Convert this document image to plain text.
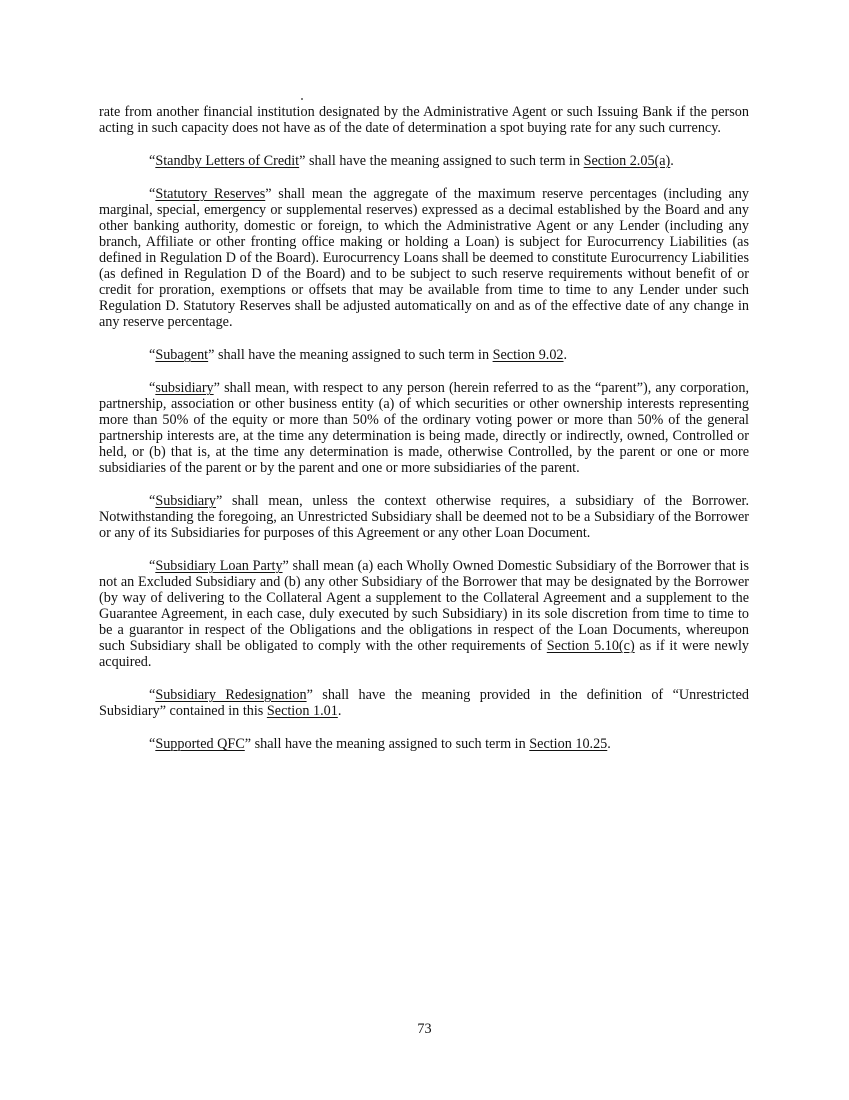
rate from another financial institution designated by the Administrative Agent or such Issuing Bank if the person acting in such capacity does not have as of the date of determination a spot buying rate for any such currency.

“Standby Letters of Credit” shall have the meaning assigned to such term in Section 2.05(a).

“Statutory Reserves” shall mean the aggregate of the maximum reserve percentages (including any marginal, special, emergency or supplemental reserves) expressed as a decimal established by the Board and any other banking authority, domestic or foreign, to which the Administrative Agent or any Lender (including any branch, Affiliate or other fronting office making or holding a Loan) is subject for Eurocurrency Liabilities (as defined in Regulation D of the Board). Eurocurrency Loans shall be deemed to constitute Eurocurrency Liabilities (as defined in Regulation D of the Board) and to be subject to such reserve requirements without benefit of or credit for proration, exemptions or offsets that may be available from time to time to any Lender under such Regulation D. Statutory Reserves shall be adjusted automatically on and as of the effective date of any change in any reserve percentage.

“Subagent” shall have the meaning assigned to such term in Section 9.02.

“subsidiary” shall mean, with respect to any person (herein referred to as the “parent”), any corporation, partnership, association or other business entity (a) of which securities or other ownership interests representing more than 50% of the equity or more than 50% of the ordinary voting power or more than 50% of the general partnership interests are, at the time any determination is being made, directly or indirectly, owned, Controlled or held, or (b) that is, at the time any determination is made, otherwise Controlled, by the parent or one or more subsidiaries of the parent or by the parent and one or more subsidiaries of the parent.

“Subsidiary” shall mean, unless the context otherwise requires, a subsidiary of the Borrower. Notwithstanding the foregoing, an Unrestricted Subsidiary shall be deemed not to be a Subsidiary of the Borrower or any of its Subsidiaries for purposes of this Agreement or any other Loan Document.

“Subsidiary Loan Party” shall mean (a) each Wholly Owned Domestic Subsidiary of the Borrower that is not an Excluded Subsidiary and (b) any other Subsidiary of the Borrower that may be designated by the Borrower (by way of delivering to the Collateral Agent a supplement to the Collateral Agreement and a supplement to the Guarantee Agreement, in each case, duly executed by such Subsidiary) in its sole discretion from time to time to be a guarantor in respect of the Obligations and the obligations in respect of the Loan Documents, whereupon such Subsidiary shall be obligated to comply with the other requirements of Section 5.10(c) as if it were newly acquired.

“Subsidiary Redesignation” shall have the meaning provided in the definition of “Unrestricted Subsidiary” contained in this Section 1.01.

“Supported QFC” shall have the meaning assigned to such term in Section 10.25.

73
